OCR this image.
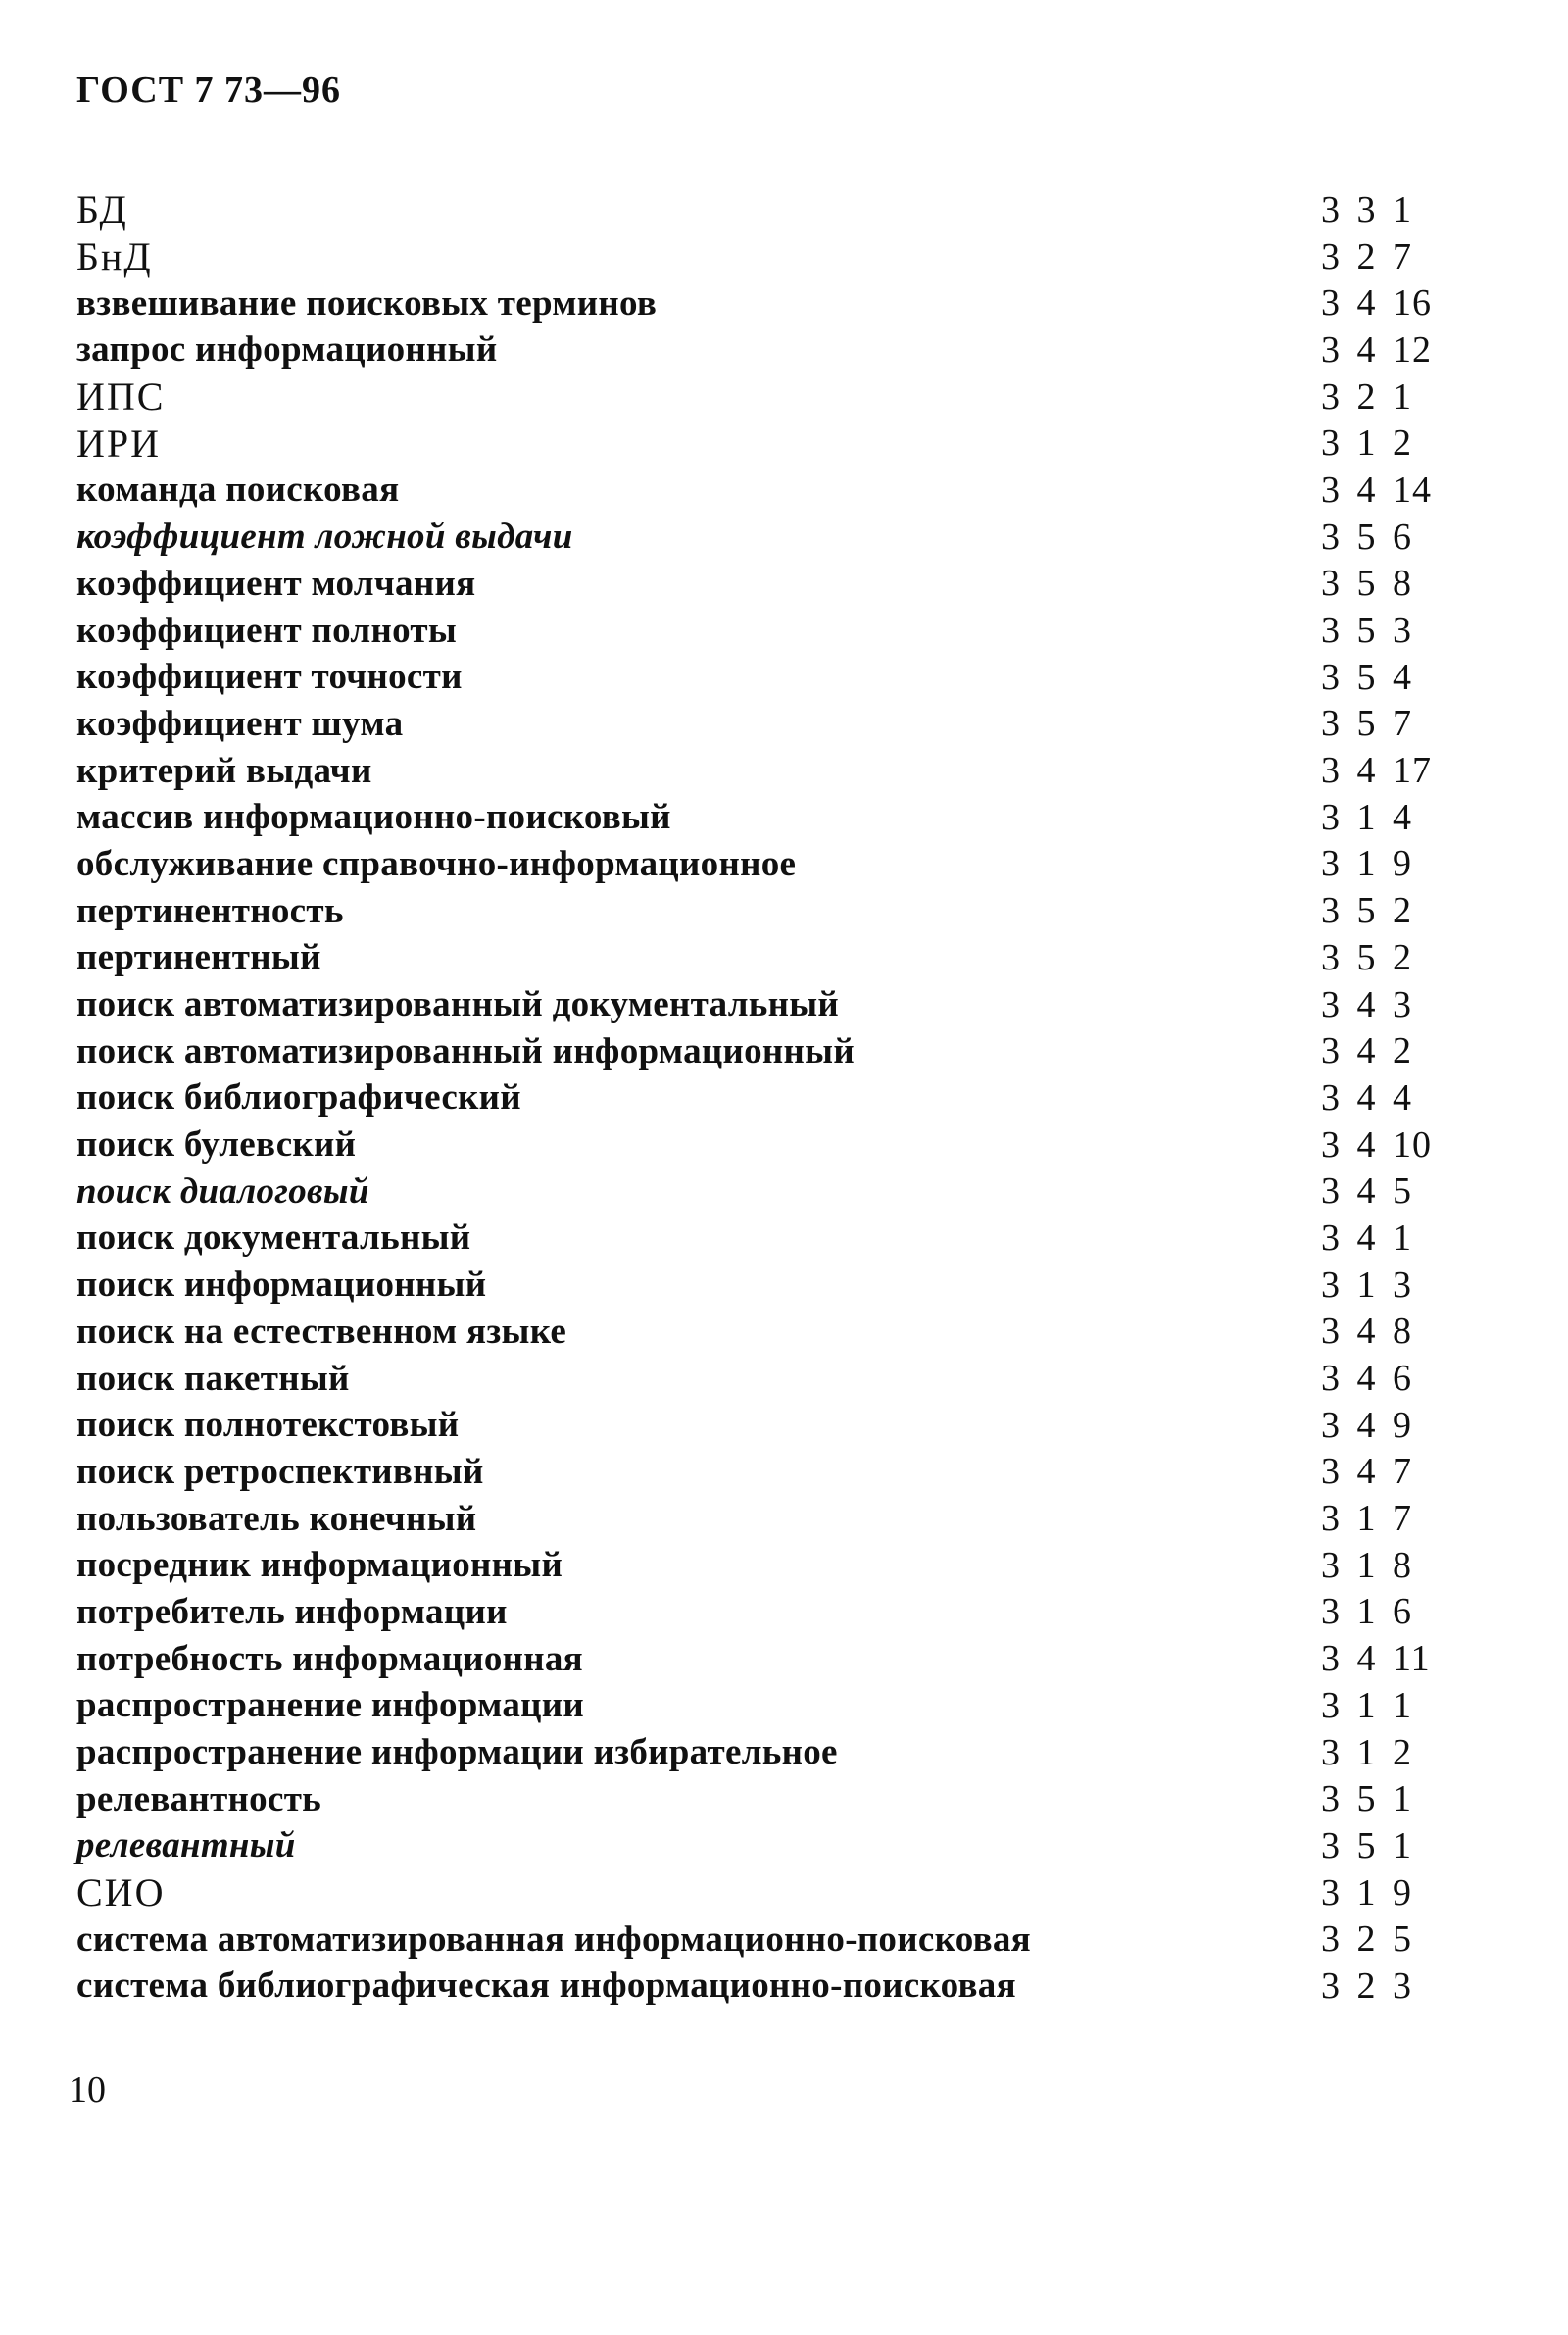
ГОСТ 7 73—96
БД	3 3 1
БнД	3 2 7
взвешивание поисковых терминов	3 4 16
запрос информационный	3 4 12
ИПС	3 2 1
ИРИ	3 1 2
команда поисковая	3 4 14
коэффициент ложной выдачи	3 5 6
коэффициент молчания	3 5 8
коэффициент полноты	3 5 3
коэффициент точности	3 5 4
коэффициент шума	3 5 7
критерий выдачи	3 4 17
массив информационно-поисковый	3 1 4
обслуживание справочно-информационное	3 1 9
пертинентность	3 5 2
пертинентный	3 5 2
поиск автоматизированный документальный	3 4 3
поиск автоматизированный информационный	3 4 2
поиск библиографический	3 4 4
поиск булевский	3 4 10
поиск диалоговый	3 4 5
поиск документальный	3 4 1
поиск информационный	3 1 3
поиск на естественном языке	3 4 8
поиск пакетный	3 4 6
поиск полнотекстовый	3 4 9
поиск ретроспективный	3 4 7
пользователь конечный	3 1 7
посредник информационный	3 1 8
потребитель информации	3 1 6
потребность информационная	3 4 11
распространение информации	3 1 1
распространение информации избирательное	3 1 2
релевантность	3 5 1
релевантный	3 5 1
СИО	3 1 9
система автоматизированная информационно-поисковая	3 2 5
система библиографическая информационно-поисковая	3 2 3

10
